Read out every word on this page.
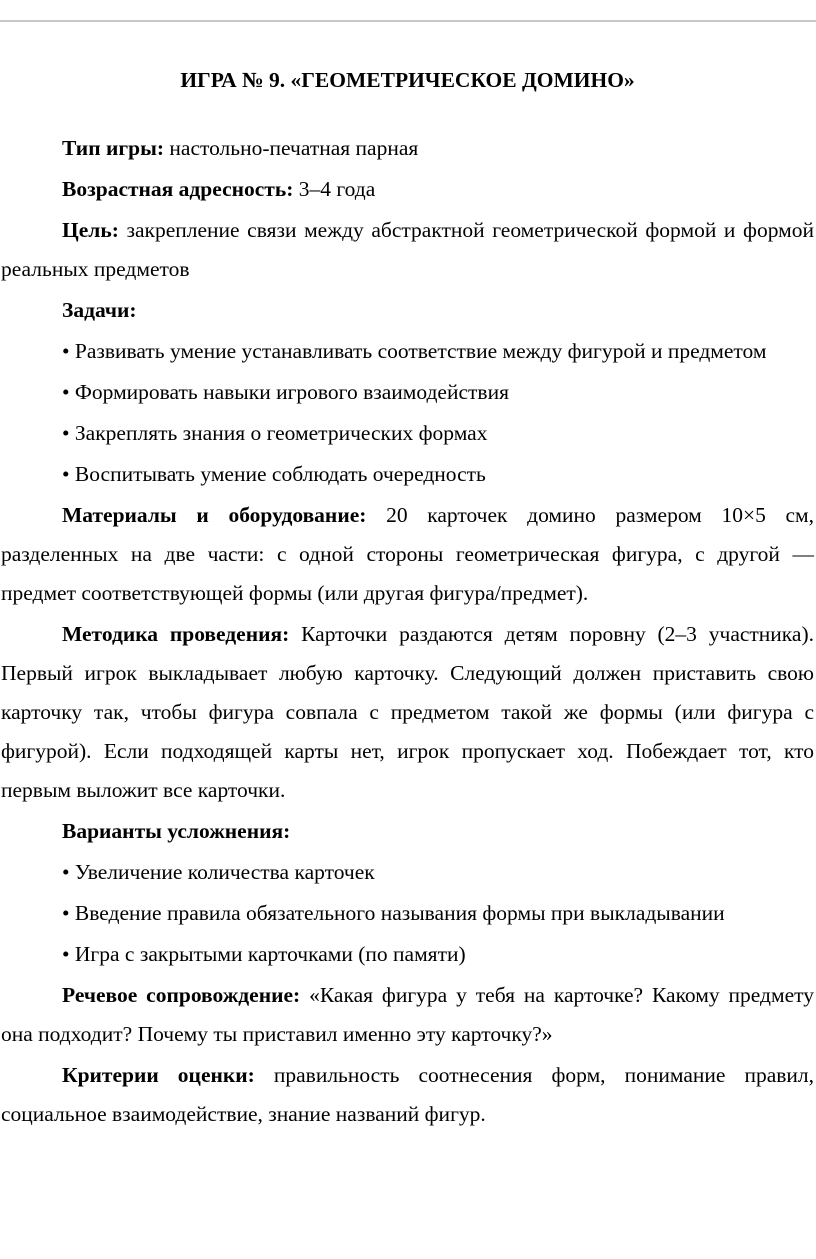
ИГРА № 9. «ГЕОМЕТРИЧЕСКОЕ ДОМИНО»

Тип игры: настольно-печатная парная

Возрастная адресность: 3–4 года

Цель: закрепление связи между абстрактной геометрической формой и формой реальных предметов

Задачи:

• Развивать умение устанавливать соответствие между фигурой и предметом

• Формировать навыки игрового взаимодействия

• Закреплять знания о геометрических формах

• Воспитывать умение соблюдать очередность

Материалы и оборудование: 20 карточек домино размером 10×5 см, разделенных на две части: с одной стороны геометрическая фигура, с другой — предмет соответствующей формы (или другая фигура/предмет).

Методика проведения: Карточки раздаются детям поровну (2–3 участника). Первый игрок выкладывает любую карточку. Следующий должен приставить свою карточку так, чтобы фигура совпала с предметом такой же формы (или фигура с фигурой). Если подходящей карты нет, игрок пропускает ход. Побеждает тот, кто первым выложит все карточки.

Варианты усложнения:

• Увеличение количества карточек

• Введение правила обязательного называния формы при выкладывании

• Игра с закрытыми карточками (по памяти)

Речевое сопровождение: «Какая фигура у тебя на карточке? Какому предмету она подходит? Почему ты приставил именно эту карточку?»

Критерии оценки: правильность соотнесения форм, понимание правил, социальное взаимодействие, знание названий фигур.
